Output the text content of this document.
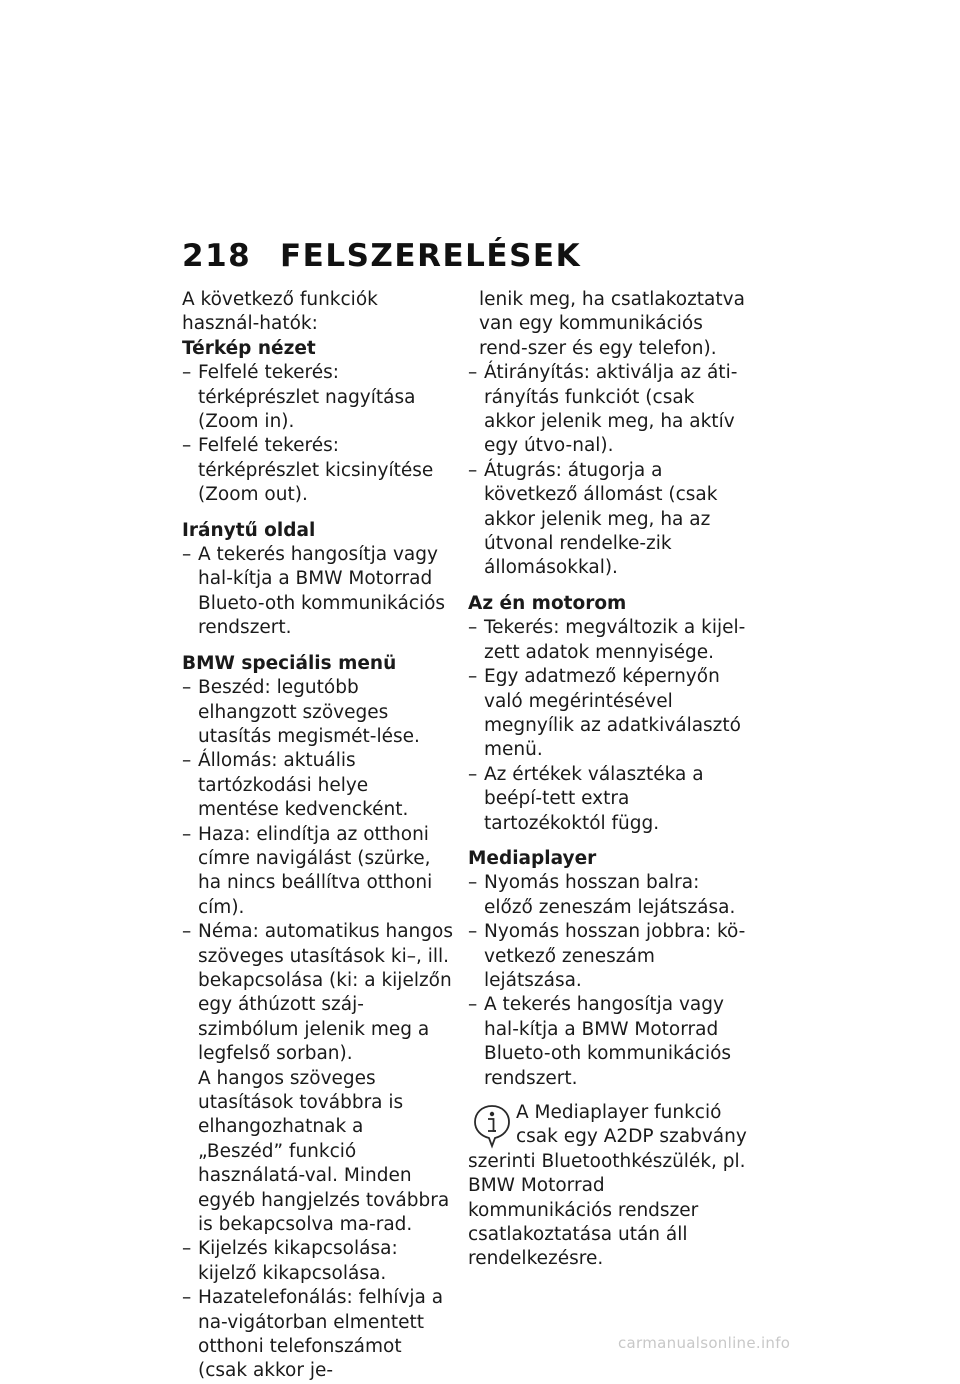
218 FELSZERELÉSEK

A következő funkciók használ-hatók:

Térkép nézet

– Felfelé tekerés: térképrészlet nagyítása (Zoom in).

– Felfelé tekerés: térképrészlet kicsinyítése (Zoom out).

Iránytű oldal

– A tekerés hangosítja vagy hal-kítja a BMW Motorrad Blueto-oth kommunikációs rendszert.

BMW speciális menü

– Beszéd: legutóbb elhangzott szöveges utasítás megismét-lése.

– Állomás: aktuális tartózkodási helye mentése kedvencként.

– Haza: elindítja az otthoni címre navigálást (szürke, ha nincs beállítva otthoni cím).

– Néma: automatikus hangos szöveges utasítások ki–, ill. bekapcsolása (ki: a kijelzőn egy áthúzott száj-szimbólum jelenik meg a legfelső sorban).

A hangos szöveges utasítások továbbra is elhangozhatnak a „Beszéd” funkció használatá-val. Minden egyéb hangjelzés továbbra is bekapcsolva ma-rad.

– Kijelzés kikapcsolása: kijelző kikapcsolása.

– Hazatelefonálás: felhívja a na-vigátorban elmentett otthoni telefonszámot (csak akkor je-

lenik meg, ha csatlakoztatva van egy kommunikációs rend-szer és egy telefon).

– Átirányítás: aktiválja az áti-rányítás funkciót (csak akkor jelenik meg, ha aktív egy útvo-nal).

– Átugrás: átugorja a következő állomást (csak akkor jelenik meg, ha az útvonal rendelke-zik állomásokkal).

Az én motorom

– Tekerés: megváltozik a kijel-zett adatok mennyisége.

– Egy adatmező képernyőn való megérintésével megnyílik az adatkiválasztó menü.

– Az értékek választéka a beépí-tett extra tartozékoktól függ.

Mediaplayer

– Nyomás hosszan balra: előző zeneszám lejátszása.

– Nyomás hosszan jobbra: kö-vetkező zeneszám lejátszása.

– A tekerés hangosítja vagy hal-kítja a BMW Motorrad Blueto-oth kommunikációs rendszert.

A Mediaplayer funkció csak egy A2DP szabvány szerinti Bluetoothkészülék, pl. BMW Motorrad kommunikációs rendszer csatlakoztatása után áll rendelkezésre.

carmanualsonline.info
